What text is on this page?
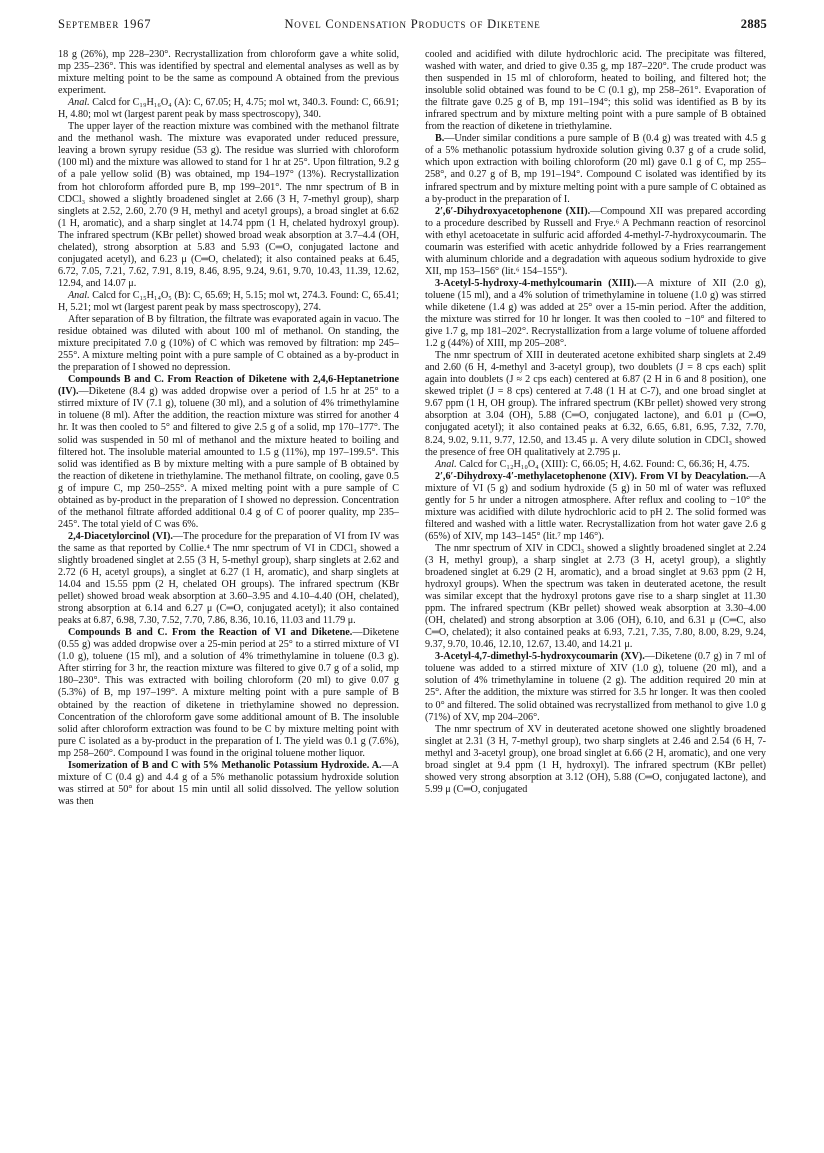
September 1967	Novel Condensation Products of Diketene	2885

18 g (26%), mp 228–230°. Recrystallization from chloroform gave a white solid, mp 235–236°. This was identified by spectral and elemental analyses as well as by mixture melting point to be the same as compound A obtained from the previous experiment.

Anal. Calcd for C₁₉H₁₆O₄ (A): C, 67.05; H, 4.75; mol wt, 340.3. Found: C, 66.91; H, 4.80; mol wt (largest parent peak by mass spectroscopy), 340.

The upper layer of the reaction mixture was combined with the methanol filtrate and the methanol wash. The mixture was evaporated under reduced pressure, leaving a brown syrupy residue (53 g). The residue was slurried with chloroform (100 ml) and the mixture was allowed to stand for 1 hr at 25°. Upon filtration, 9.2 g of a pale yellow solid (B) was obtained, mp 194–197° (13%). Recrystallization from hot chloroform afforded pure B, mp 199–201°. The nmr spectrum of B in CDCl₃ showed a slightly broadened singlet at 2.66 (3 H, 7-methyl group), sharp singlets at 2.52, 2.60, 2.70 (9 H, methyl and acetyl groups), a broad singlet at 6.62 (1 H, aromatic), and a sharp singlet at 14.74 ppm (1 H, chelated hydroxyl group). The infrared spectrum (KBr pellet) showed broad weak absorption at 3.7–4.4 (OH, chelated), strong absorption at 5.83 and 5.93 (C═O, conjugated lactone and conjugated acetyl), and 6.23 μ (C═O, chelated); it also contained peaks at 6.45, 6.72, 7.05, 7.21, 7.62, 7.91, 8.19, 8.46, 8.95, 9.24, 9.61, 9.70, 10.43, 11.39, 12.62, 12.94, and 14.07 μ.

Anal. Calcd for C₁₅H₁₄O₅ (B): C, 65.69; H, 5.15; mol wt, 274.3. Found: C, 65.41; H, 5.21; mol wt (largest parent peak by mass spectroscopy), 274.

After separation of B by filtration, the filtrate was evaporated again in vacuo. The residue obtained was diluted with about 100 ml of methanol. On standing, the mixture precipitated 7.0 g (10%) of C which was removed by filtration: mp 245–255°. A mixture melting point with a pure sample of C obtained as a by-product in the preparation of I showed no depression.

Compounds B and C. From Reaction of Diketene with 2,4,6-Heptanetrione (IV).—Diketene (8.4 g) was added dropwise over a period of 1.5 hr at 25° to a stirred mixture of IV (7.1 g), toluene (30 ml), and a solution of 4% trimethylamine in toluene (8 ml). After the addition, the reaction mixture was stirred for another 4 hr. It was then cooled to 5° and filtered to give 2.5 g of a solid, mp 170–177°. The solid was suspended in 50 ml of methanol and the mixture heated to boiling and filtered hot. The insoluble material amounted to 1.5 g (11%), mp 197–199.5°. This solid was identified as B by mixture melting with a pure sample of B obtained by the reaction of diketene in triethylamine. The methanol filtrate, on cooling, gave 0.5 g of impure C, mp 250–255°. A mixed melting point with a pure sample of C obtained as by-product in the preparation of I showed no depression. Concentration of the methanol filtrate afforded additional 0.4 g of C of poorer quality, mp 235–245°. The total yield of C was 6%.

2,4-Diacetylorcinol (VI).—The procedure for the preparation of VI from IV was the same as that reported by Collie.⁴ The nmr spectrum of VI in CDCl₃ showed a slightly broadened singlet at 2.55 (3 H, 5-methyl group), sharp singlets at 2.62 and 2.72 (6 H, acetyl groups), a singlet at 6.27 (1 H, aromatic), and sharp singlets at 14.04 and 15.55 ppm (2 H, chelated OH groups). The infrared spectrum (KBr pellet) showed broad weak absorption at 3.60–3.95 and 4.10–4.40 (OH, chelated), strong absorption at 6.14 and 6.27 μ (C═O, conjugated acetyl); it also contained peaks at 6.87, 6.98, 7.30, 7.52, 7.70, 7.86, 8.36, 10.16, 11.03 and 11.79 μ.

Compounds B and C. From the Reaction of VI and Diketene.—Diketene (0.55 g) was added dropwise over a 25-min period at 25° to a stirred mixture of VI (1.0 g), toluene (15 ml), and a solution of 4% trimethylamine in toluene (0.3 g). After stirring for 3 hr, the reaction mixture was filtered to give 0.7 g of a solid, mp 180–230°. This was extracted with boiling chloroform (20 ml) to give 0.07 g (5.3%) of B, mp 197–199°. A mixture melting point with a pure sample of B obtained by the reaction of diketene in triethylamine showed no depression. Concentration of the chloroform gave some additional amount of B. The insoluble solid after chloroform extraction was found to be C by mixture melting point with pure C isolated as a by-product in the preparation of I. The yield was 0.1 g (7.6%), mp 258–260°. Compound I was found in the original toluene mother liquor.

Isomerization of B and C with 5% Methanolic Potassium Hydroxide. A.—A mixture of C (0.4 g) and 4.4 g of a 5% methanolic potassium hydroxide solution was stirred at 50° for about 15 min until all solid dissolved. The yellow solution was then

cooled and acidified with dilute hydrochloric acid. The precipitate was filtered, washed with water, and dried to give 0.35 g, mp 187–220°. The crude product was then suspended in 15 ml of chloroform, heated to boiling, and filtered hot; the insoluble solid obtained was found to be C (0.1 g), mp 258–261°. Evaporation of the filtrate gave 0.25 g of B, mp 191–194°; this solid was identified as B by its infrared spectrum and by mixture melting point with a pure sample of B obtained from the reaction of diketene in triethylamine.

B.—Under similar conditions a pure sample of B (0.4 g) was treated with 4.5 g of a 5% methanolic potassium hydroxide solution giving 0.37 g of a crude solid, which upon extraction with boiling chloroform (20 ml) gave 0.1 g of C, mp 255–258°, and 0.27 g of B, mp 191–194°. Compound C isolated was identified by its infrared spectrum and by mixture melting point with a pure sample of C obtained as a by-product in the preparation of I.

2′,6′-Dihydroxyacetophenone (XII).—Compound XII was prepared according to a procedure described by Russell and Frye.⁶ A Pechmann reaction of resorcinol with ethyl acetoacetate in sulfuric acid afforded 4-methyl-7-hydroxycoumarin. The coumarin was esterified with acetic anhydride followed by a Fries rearrangement with aluminum chloride and a degradation with aqueous sodium hydroxide to give XII, mp 153–156° (lit.⁶ 154–155°).

3-Acetyl-5-hydroxy-4-methylcoumarin (XIII).—A mixture of XII (2.0 g), toluene (15 ml), and a 4% solution of trimethylamine in toluene (1.0 g) was stirred while diketene (1.4 g) was added at 25° over a 15-min period. After the addition, the mixture was stirred for 10 hr longer. It was then cooled to −10° and filtered to give 1.7 g, mp 181–202°. Recrystallization from a large volume of toluene afforded 1.2 g (44%) of XIII, mp 205–208°.

The nmr spectrum of XIII in deuterated acetone exhibited sharp singlets at 2.49 and 2.60 (6 H, 4-methyl and 3-acetyl group), two doublets (J = 8 cps each) split again into doublets (J ≈ 2 cps each) centered at 6.87 (2 H in 6 and 8 position), one skewed triplet (J = 8 cps) centered at 7.48 (1 H at C-7), and one broad singlet at 9.67 ppm (1 H, OH group). The infrared spectrum (KBr pellet) showed very strong absorption at 3.04 (OH), 5.88 (C═O, conjugated lactone), and 6.01 μ (C═O, conjugated acetyl); it also contained peaks at 6.32, 6.65, 6.81, 6.95, 7.32, 7.70, 8.24, 9.02, 9.11, 9.77, 12.50, and 13.45 μ. A very dilute solution in CDCl₃ showed the presence of free OH qualitatively at 2.795 μ.

Anal. Calcd for C₁₂H₁₀O₄ (XIII): C, 66.05; H, 4.62. Found: C, 66.36; H, 4.75.

2′,6′-Dihydroxy-4′-methylacetophenone (XIV). From VI by Deacylation.—A mixture of VI (5 g) and sodium hydroxide (5 g) in 50 ml of water was refluxed gently for 5 hr under a nitrogen atmosphere. After reflux and cooling to −10° the mixture was acidified with dilute hydrochloric acid to pH 2. The solid formed was filtered and washed with a little water. Recrystallization from hot water gave 2.6 g (65%) of XIV, mp 143–145° (lit.⁷ mp 146°).

The nmr spectrum of XIV in CDCl₃ showed a slightly broadened singlet at 2.24 (3 H, methyl group), a sharp singlet at 2.73 (3 H, acetyl group), a slightly broadened singlet at 6.29 (2 H, aromatic), and a broad singlet at 9.63 ppm (2 H, hydroxyl groups). When the spectrum was taken in deuterated acetone, the result was similar except that the hydroxyl protons gave rise to a sharp singlet at 11.30 ppm. The infrared spectrum (KBr pellet) showed weak absorption at 3.30–4.00 (OH, chelated) and strong absorption at 3.06 (OH), 6.10, and 6.31 μ (C═C, also C═O, chelated); it also contained peaks at 6.93, 7.21, 7.35, 7.80, 8.00, 8.29, 9.24, 9.37, 9.70, 10.46, 12.10, 12.67, 13.40, and 14.21 μ.

3-Acetyl-4,7-dimethyl-5-hydroxycoumarin (XV).—Diketene (0.7 g) in 7 ml of toluene was added to a stirred mixture of XIV (1.0 g), toluene (20 ml), and a solution of 4% trimethylamine in toluene (2 g). The addition required 20 min at 25°. After the addition, the mixture was stirred for 3.5 hr longer. It was then cooled to 0° and filtered. The solid obtained was recrystallized from methanol to give 1.0 g (71%) of XV, mp 204–206°.

The nmr spectrum of XV in deuterated acetone showed one slightly broadened singlet at 2.31 (3 H, 7-methyl group), two sharp singlets at 2.46 and 2.54 (6 H, 7-methyl and 3-acetyl group), one broad singlet at 6.66 (2 H, aromatic), and one very broad singlet at 9.4 ppm (1 H, hydroxyl). The infrared spectrum (KBr pellet) showed very strong absorption at 3.12 (OH), 5.88 (C═O, conjugated lactone), and 5.99 μ (C═O, conjugated
